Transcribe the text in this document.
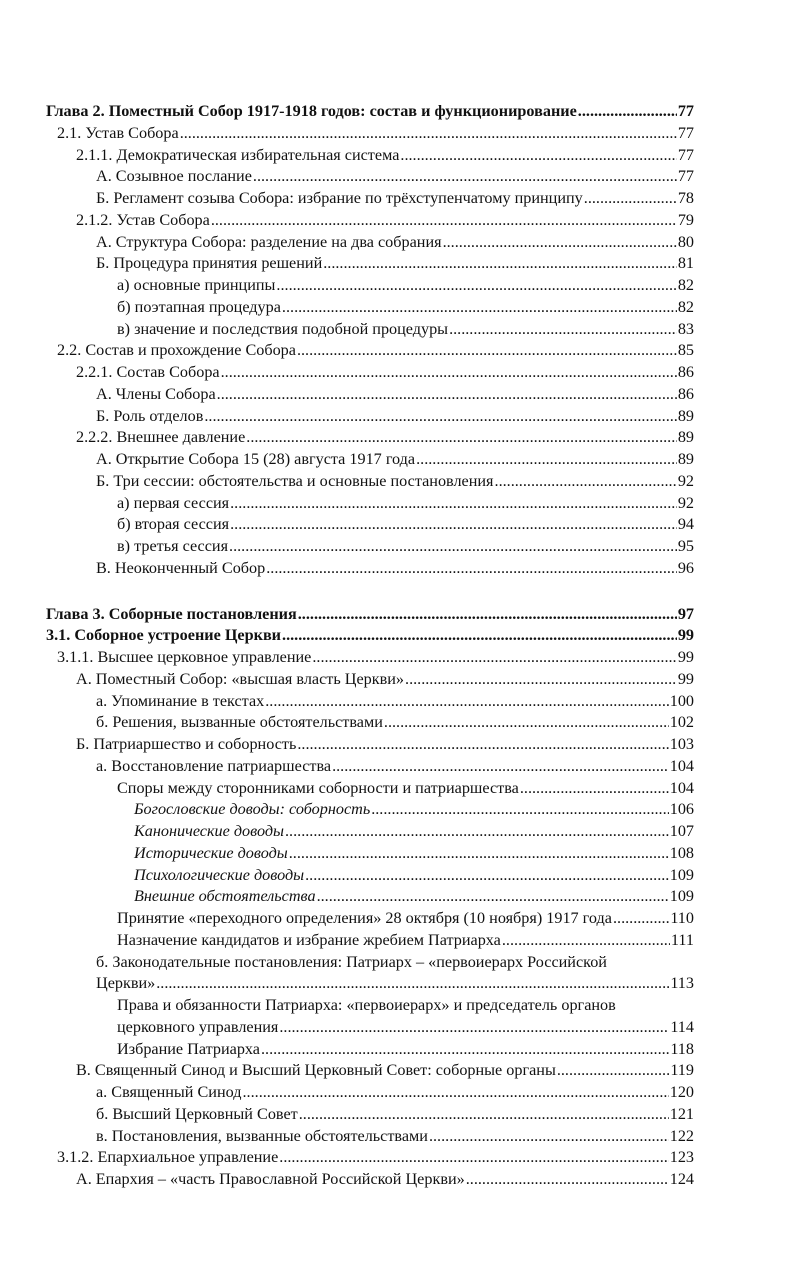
Глава 2. Поместный Собор 1917-1918 годов: состав и функционирование .....	77
2.1. Устав Собора .....	77
2.1.1. Демократическая избирательная система .....	77
А. Созывное послание .....	77
Б. Регламент созыва Собора: избрание по трёхступенчатому принципу .....	78
2.1.2. Устав Собора .....	79
А. Структура Собора: разделение на два собрания .....	80
Б. Процедура принятия решений .....	81
а) основные принципы .....	82
б) поэтапная процедура .....	82
в) значение и последствия подобной процедуры .....	83
2.2. Состав и прохождение Собора .....	85
2.2.1. Состав Собора .....	86
А. Члены Собора .....	86
Б. Роль отделов .....	89
2.2.2. Внешнее давление .....	89
А. Открытие Собора 15 (28) августа 1917 года .....	89
Б. Три сессии: обстоятельства и основные постановления .....	92
а) первая сессия .....	92
б) вторая сессия .....	94
в) третья сессия .....	95
В. Неоконченный Собор .....	96
Глава 3. Соборные постановления .....	97
3.1. Соборное устроение Церкви .....	99
3.1.1. Высшее церковное управление .....	99
А. Поместный Собор: «высшая власть Церкви» .....	99
а. Упоминание в текстах .....	100
б. Решения, вызванные обстоятельствами .....	102
Б. Патриаршество и соборность .....	103
а. Восстановление патриаршества .....	104
Споры между сторонниками соборности и патриаршества .....	104
Богословские доводы: соборность .....	106
Канонические доводы .....	107
Исторические доводы .....	108
Психологические доводы .....	109
Внешние обстоятельства .....	109
Принятие «переходного определения» 28 октября (10 ноября) 1917 года .....	110
Назначение кандидатов и избрание жребием Патриарха .....	111
б. Законодательные постановления: Патриарх – «первоиерарх Российской
Церкви» .....	113
Права и обязанности Патриарха: «первоиерарх» и председатель органов
церковного управления .....	114
Избрание Патриарха .....	118
В. Священный Синод и Высший Церковный Совет: соборные органы .....	119
а. Священный Синод .....	120
б. Высший Церковный Совет .....	121
в. Постановления, вызванные обстоятельствами .....	122
3.1.2. Епархиальное управление .....	123
А. Епархия – «часть Православной Российской Церкви» .....	124
